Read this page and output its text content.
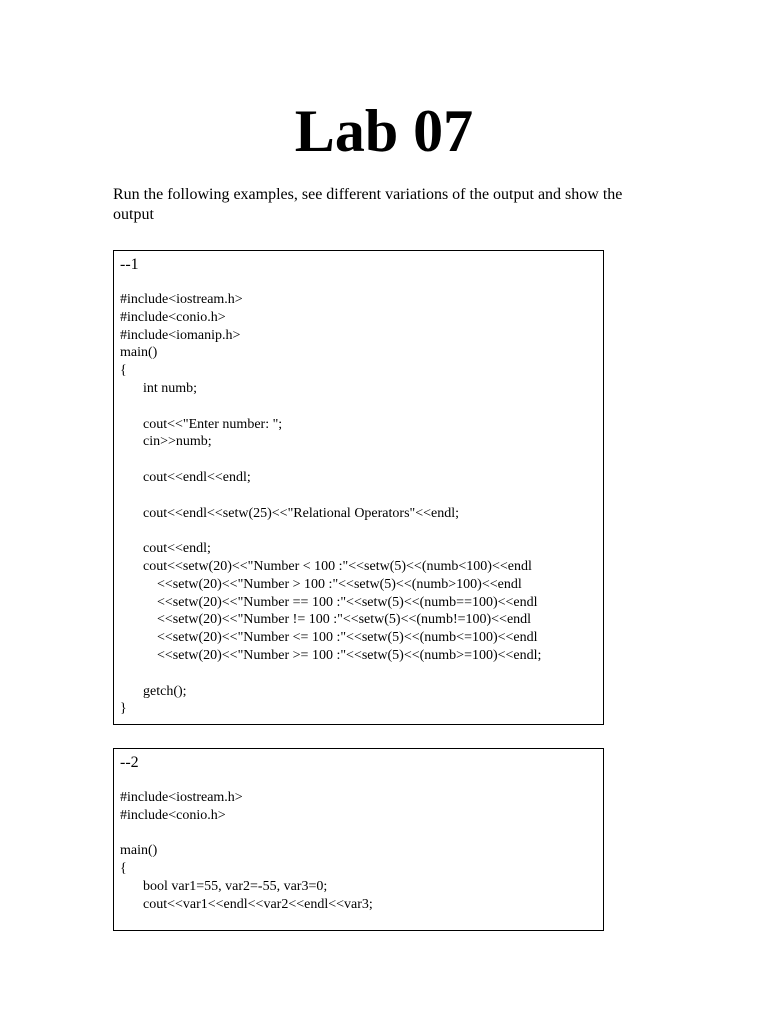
Lab 07

Run the following examples, see different variations of the output and show the output

--1
#include<iostream.h>
#include<conio.h>
#include<iomanip.h>
main()
{
int numb;
cout<<"Enter number: ";
cin>>numb;
cout<<endl<<endl;
cout<<endl<<setw(25)<<"Relational Operators"<<endl;
cout<<endl;
cout<<setw(20)<<"Number < 100 :"<<setw(5)<<(numb<100)<<endl
<<setw(20)<<"Number > 100 :"<<setw(5)<<(numb>100)<<endl
<<setw(20)<<"Number == 100 :"<<setw(5)<<(numb==100)<<endl
<<setw(20)<<"Number != 100 :"<<setw(5)<<(numb!=100)<<endl
<<setw(20)<<"Number <= 100 :"<<setw(5)<<(numb<=100)<<endl
<<setw(20)<<"Number >= 100 :"<<setw(5)<<(numb>=100)<<endl;
getch();
}
--2
#include<iostream.h>
#include<conio.h>
main()
{
bool var1=55, var2=-55, var3=0;
cout<<var1<<endl<<var2<<endl<<var3;
